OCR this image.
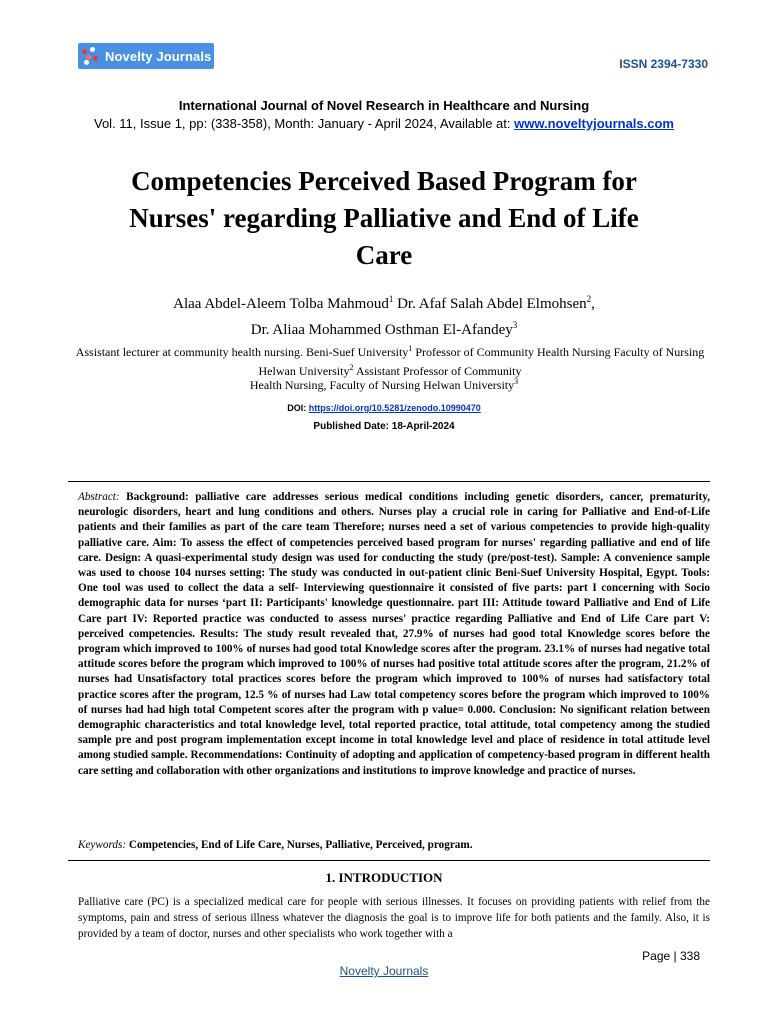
Novelty Journals
ISSN 2394-7330
International Journal of Novel Research in Healthcare and Nursing
Vol. 11, Issue 1, pp: (338-358), Month: January - April 2024, Available at: www.noveltyjournals.com
Competencies Perceived Based Program for
Nurses' regarding Palliative and End of Life
Care
Alaa Abdel-Aleem Tolba Mahmoud$^1$ Dr. Afaf Salah Abdel Elmohsen$^2$,
Dr. Aliaa Mohammed Osthman El-Afandey$^3$
Assistant lecturer at community health nursing. Beni-Suef University$^1$ Professor of Community Health Nursing Faculty of Nursing Helwan University$^2$ Assistant Professor of Community
Health Nursing, Faculty of Nursing Helwan University$^3$
DOI: https://doi.org/10.5281/zenodo.10990470
Published Date: 18-April-2024
Abstract: Background: palliative care addresses serious medical conditions including genetic disorders, cancer, prematurity, neurologic disorders, heart and lung conditions and others. Nurses play a crucial role in caring for Palliative and End-of-Life patients and their families as part of the care team Therefore; nurses need a set of various competencies to provide high-quality palliative care. Aim: To assess the effect of competencies perceived based program for nurses' regarding palliative and end of life care. Design: A quasi-experimental study design was used for conducting the study (pre/post-test). Sample: A convenience sample was used to choose 104 nurses setting: The study was conducted in out-patient clinic Beni-Suef University Hospital, Egypt. Tools: One tool was used to collect the data a self- Interviewing questionnaire it consisted of five parts: part I concerning with Socio demographic data for nurses ‘part II: Participants' knowledge questionnaire. part III: Attitude toward Palliative and End of Life Care part IV: Reported practice was conducted to assess nurses' practice regarding Palliative and End of Life Care part V: perceived competencies. Results: The study result revealed that, 27.9% of nurses had good total Knowledge scores before the program which improved to 100% of nurses had good total Knowledge scores after the program. 23.1% of nurses had negative total attitude scores before the program which improved to 100% of nurses had positive total attitude scores after the program, 21.2% of nurses had Unsatisfactory total practices scores before the program which improved to 100% of nurses had satisfactory total practice scores after the program, 12.5 % of nurses had Law total competency scores before the program which improved to 100% of nurses had had high total Competent scores after the program with p value= 0.000. Conclusion: No significant relation between demographic characteristics and total knowledge level, total reported practice, total attitude, total competency among the studied sample pre and post program implementation except income in total knowledge level and place of residence in total attitude level among studied sample. Recommendations: Continuity of adopting and application of competency-based program in different health care setting and collaboration with other organizations and institutions to improve knowledge and practice of nurses.
Keywords: Competencies, End of Life Care, Nurses, Palliative, Perceived, program.
1. INTRODUCTION
Palliative care (PC) is a specialized medical care for people with serious illnesses. It focuses on providing patients with relief from the symptoms, pain and stress of serious illness whatever the diagnosis the goal is to improve life for both patients and the family. Also, it is provided by a team of doctor, nurses and other specialists who work together with a
Page | 338
Novelty Journals
